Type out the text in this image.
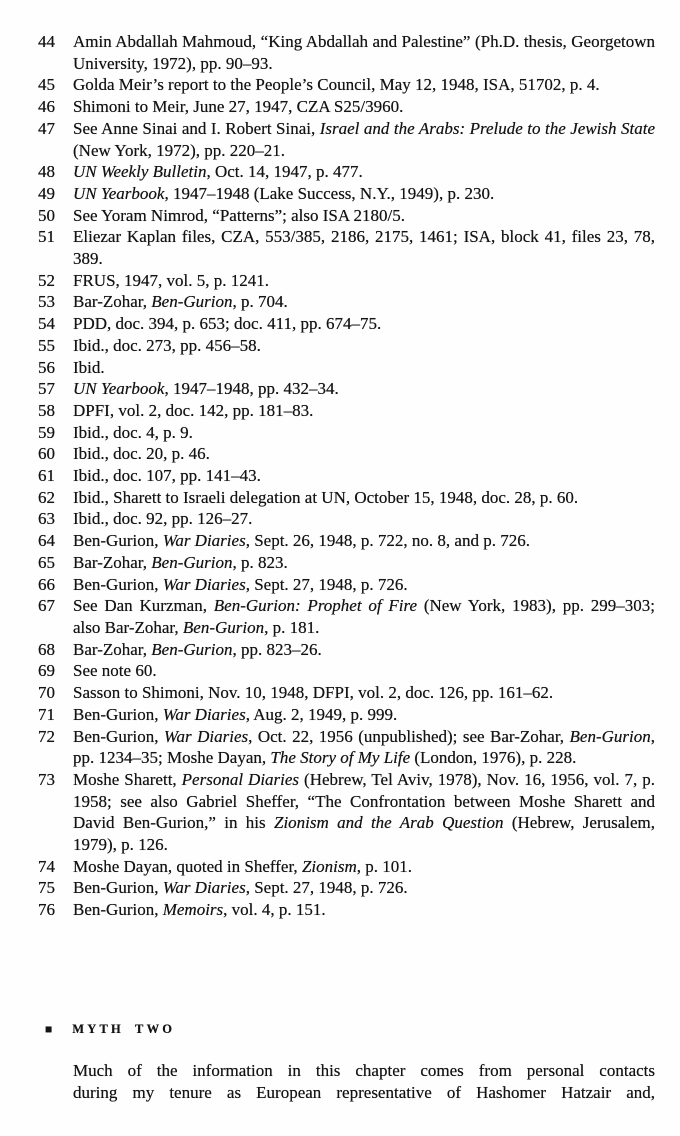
44	Amin Abdallah Mahmoud, “King Abdallah and Palestine” (Ph.D. thesis, Georgetown University, 1972), pp. 90–93.
45	Golda Meir’s report to the People’s Council, May 12, 1948, ISA, 51702, p. 4.
46	Shimoni to Meir, June 27, 1947, CZA S25/3960.
47	See Anne Sinai and I. Robert Sinai, Israel and the Arabs: Prelude to the Jewish State (New York, 1972), pp. 220–21.
48	UN Weekly Bulletin, Oct. 14, 1947, p. 477.
49	UN Yearbook, 1947–1948 (Lake Success, N.Y., 1949), p. 230.
50	See Yoram Nimrod, “Patterns”; also ISA 2180/5.
51	Eliezar Kaplan files, CZA, 553/385, 2186, 2175, 1461; ISA, block 41, files 23, 78, 389.
52	FRUS, 1947, vol. 5, p. 1241.
53	Bar-Zohar, Ben-Gurion, p. 704.
54	PDD, doc. 394, p. 653; doc. 411, pp. 674–75.
55	Ibid., doc. 273, pp. 456–58.
56	Ibid.
57	UN Yearbook, 1947–1948, pp. 432–34.
58	DPFI, vol. 2, doc. 142, pp. 181–83.
59	Ibid., doc. 4, p. 9.
60	Ibid., doc. 20, p. 46.
61	Ibid., doc. 107, pp. 141–43.
62	Ibid., Sharett to Israeli delegation at UN, October 15, 1948, doc. 28, p. 60.
63	Ibid., doc. 92, pp. 126–27.
64	Ben-Gurion, War Diaries, Sept. 26, 1948, p. 722, no. 8, and p. 726.
65	Bar-Zohar, Ben-Gurion, p. 823.
66	Ben-Gurion, War Diaries, Sept. 27, 1948, p. 726.
67	See Dan Kurzman, Ben-Gurion: Prophet of Fire (New York, 1983), pp. 299–303; also Bar-Zohar, Ben-Gurion, p. 181.
68	Bar-Zohar, Ben-Gurion, pp. 823–26.
69	See note 60.
70	Sasson to Shimoni, Nov. 10, 1948, DFPI, vol. 2, doc. 126, pp. 161–62.
71	Ben-Gurion, War Diaries, Aug. 2, 1949, p. 999.
72	Ben-Gurion, War Diaries, Oct. 22, 1956 (unpublished); see Bar-Zohar, Ben-Gurion, pp. 1234–35; Moshe Dayan, The Story of My Life (London, 1976), p. 228.
73	Moshe Sharett, Personal Diaries (Hebrew, Tel Aviv, 1978), Nov. 16, 1956, vol. 7, p. 1958; see also Gabriel Sheffer, “The Confrontation between Moshe Sharett and David Ben-Gurion,” in his Zionism and the Arab Question (Hebrew, Jerusalem, 1979), p. 126.
74	Moshe Dayan, quoted in Sheffer, Zionism, p. 101.
75	Ben-Gurion, War Diaries, Sept. 27, 1948, p. 726.
76	Ben-Gurion, Memoirs, vol. 4, p. 151.
■ MYTH TWO
Much of the information in this chapter comes from personal contacts
during my tenure as European representative of Hashomer Hatzair and,
